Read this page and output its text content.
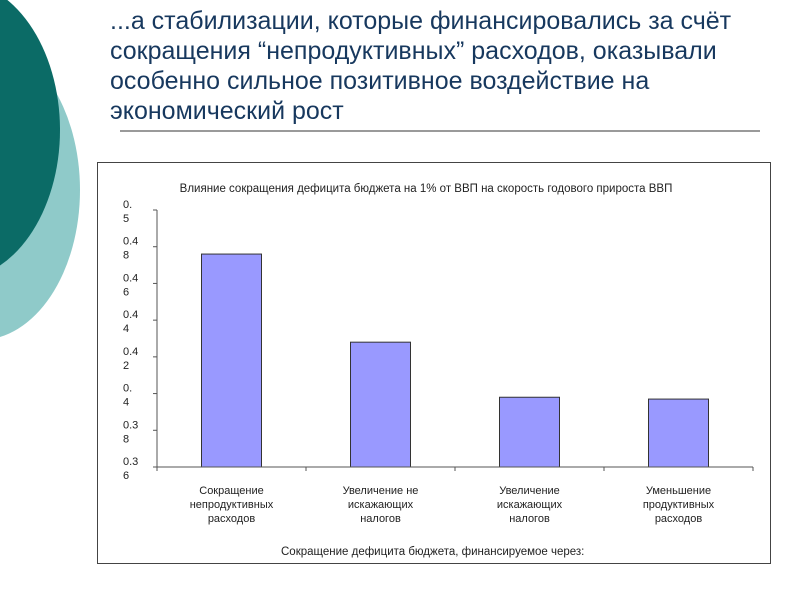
...а стабилизации, которые финансировались за счёт сокращения “непродуктивных” расходов, оказывали особенно сильное позитивное воздействие на экономический рост
Влияние сокращения дефицита бюджета на 1% от ВВП на скорость годового прироста ВВП
0. 5
0.4 8
0.4 6
0.4 4
0.4 2
0. 4
0.3 8
0.3 6
Сокращение непродуктивных расходов
Увеличение не искажающих налогов
Увеличение искажающих налогов
Уменьшение продуктивных расходов
Сокращение дефицита бюджета, финансируемое через:
